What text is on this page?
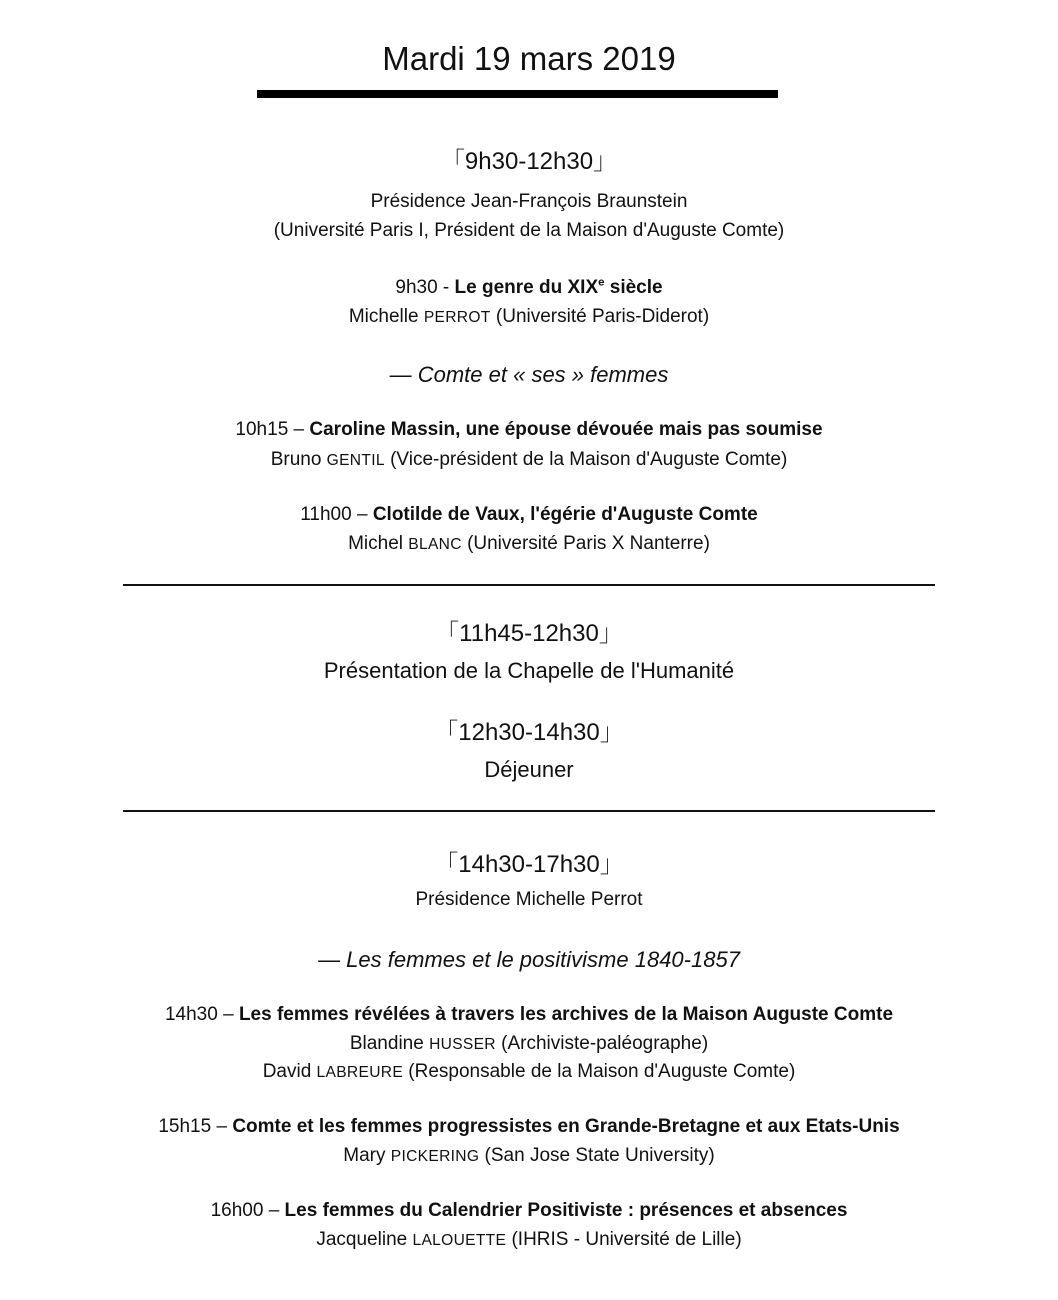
Mardi 19 mars 2019
「9h30-12h30」
Présidence Jean-François Braunstein
(Université Paris I, Président de la Maison d'Auguste Comte)
9h30 - Le genre du XIXe siècle
Michelle PERROT (Université Paris-Diderot)
— Comte et « ses » femmes
10h15 – Caroline Massin, une épouse dévouée mais pas soumise
Bruno GENTIL (Vice-président de la Maison d'Auguste Comte)
11h00 – Clotilde de Vaux, l'égérie d'Auguste Comte
Michel BLANC (Université Paris X Nanterre)
「11h45-12h30」
Présentation de la Chapelle de l'Humanité
「12h30-14h30」
Déjeuner
「14h30-17h30」
Présidence Michelle Perrot
— Les femmes et le positivisme 1840-1857
14h30 – Les femmes révélées à travers les archives de la Maison Auguste Comte
Blandine HUSSER (Archiviste-paléographe)
David LABREURE (Responsable de la Maison d'Auguste Comte)
15h15 – Comte et les femmes progressistes en Grande-Bretagne et aux Etats-Unis
Mary PICKERING (San Jose State University)
16h00 – Les femmes du Calendrier Positiviste : présences et absences
Jacqueline LALOUETTE (IHRIS - Université de Lille)
